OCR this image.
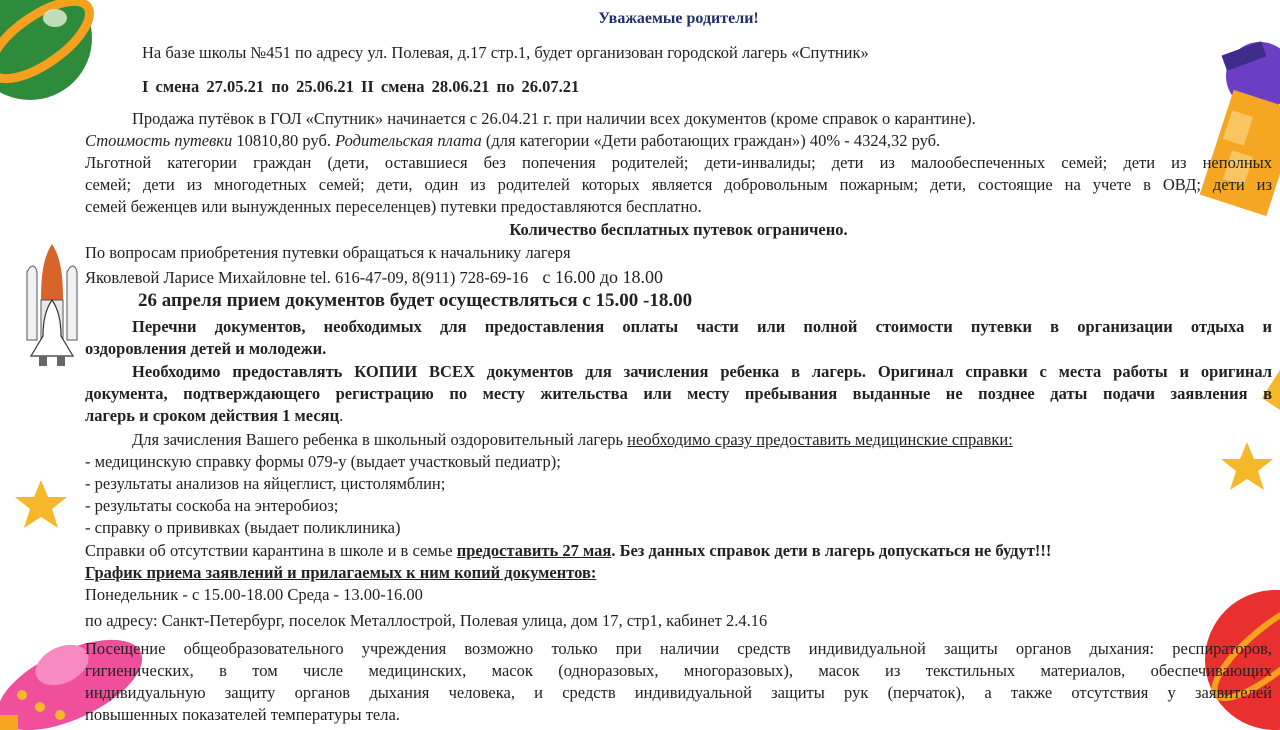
Уважаемые родители!
На базе школы №451 по адресу ул. Полевая, д.17 стр.1, будет организован городской лагерь «Спутник»
I смена 27.05.21 по 25.06.21 II смена 28.06.21 по 26.07.21
Продажа путёвок в ГОЛ «Спутник» начинается с 26.04.21 г. при наличии всех документов (кроме справок о карантине).
Стоимость путевки 10810,80 руб. Родительская плата (для категории «Дети работающих граждан») 40% - 4324,32 руб.
Льготной категории граждан (дети, оставшиеся без попечения родителей; дети-инвалиды; дети из малообеспеченных семей; дети из неполных
семей; дети из многодетных семей; дети, один из родителей которых является добровольным пожарным; дети, состоящие на учете в ОВД; дети из
семей беженцев или вынужденных переселенцев) путевки предоставляются бесплатно.
Количество бесплатных путевок ограничено.
По вопросам приобретения путевки обращаться к начальнику лагеря
Яковлевой Ларисе Михайловне tel. 616-47-09, 8(911) 728-69-16 с 16.00 до 18.00
26 апреля прием документов будет осуществляться с 15.00 -18.00
Перечни документов, необходимых для предоставления оплаты части или полной стоимости путевки в организации отдыха и
оздоровления детей и молодежи.
Необходимо предоставлять КОПИИ ВСЕХ документов для зачисления ребенка в лагерь. Оригинал справки с места работы и оригинал
документа, подтверждающего регистрацию по месту жительства или месту пребывания выданные не позднее даты подачи заявления в
лагерь и сроком действия 1 месяц.
Для зачисления Вашего ребенка в школьный оздоровительный лагерь необходимо сразу предоставить медицинские справки:
- медицинскую справку формы 079-у (выдает участковый педиатр);
- результаты анализов на яйцеглист, цистолямблин;
- результаты соскоба на энтеробиоз;
- справку о прививках (выдает поликлиника)
Справки об отсутствии карантина в школе и в семье предоставить 27 мая. Без данных справок дети в лагерь допускаться не будут!!!
График приема заявлений и прилагаемых к ним копий документов:
Понедельник - с 15.00-18.00 Среда - 13.00-16.00
по адресу: Санкт-Петербург, поселок Металлострой, Полевая улица, дом 17, стр1, кабинет 2.4.16
Посещение общеобразовательного учреждения возможно только при наличии средств индивидуальной защиты органов дыхания: респираторов,
гигиенических, в том числе медицинских, масок (одноразовых, многоразовых), масок из текстильных материалов, обеспечивающих
индивидуальную защиту органов дыхания человека, и средств индивидуальной защиты рук (перчаток), а также отсутствия у заявителей
повышенных показателей температуры тела.
